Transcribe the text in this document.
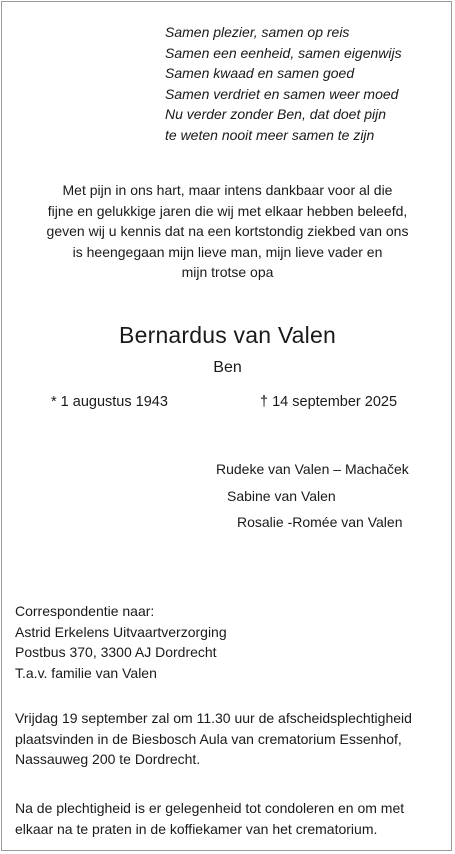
Samen plezier, samen op reis
Samen een eenheid, samen eigenwijs
Samen kwaad en samen goed
Samen verdriet en samen weer moed
Nu verder zonder Ben, dat doet pijn
te weten nooit meer samen te zijn
Met pijn in ons hart, maar intens dankbaar voor al die
fijne en gelukkige jaren die wij met elkaar hebben beleefd,
geven wij u kennis dat na een kortstondig ziekbed van ons
is heengegaan mijn lieve man, mijn lieve vader en
mijn trotse opa
Bernardus van Valen
Ben
* 1 augustus 1943	† 14 september 2025
Rudeke van Valen – Machaček
Sabine van Valen
Rosalie -Romée van Valen
Correspondentie naar:
Astrid Erkelens Uitvaartverzorging
Postbus 370, 3300 AJ Dordrecht
T.a.v. familie van Valen
Vrijdag 19 september zal om 11.30 uur de afscheidsplechtigheid
plaatsvinden in de Biesbosch Aula van crematorium Essenhof,
Nassauweg 200 te Dordrecht.
Na de plechtigheid is er gelegenheid tot condoleren en om met
elkaar na te praten in de koffiekamer van het crematorium.
